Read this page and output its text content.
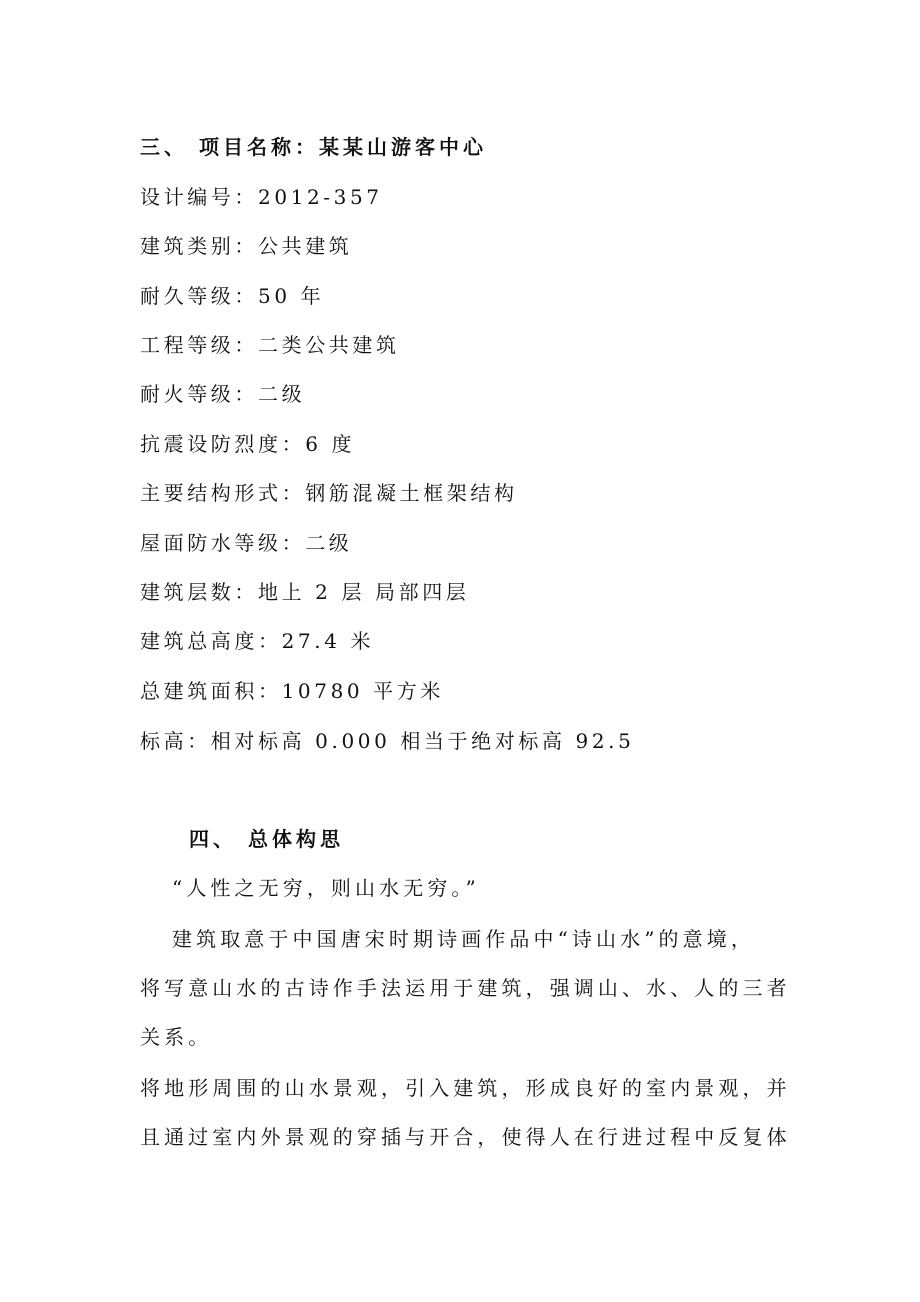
三、 项目名称：某某山游客中心
设计编号：2012-357
建筑类别：公共建筑
耐久等级：50 年
工程等级：二类公共建筑
耐火等级：二级
抗震设防烈度：6 度
主要结构形式：钢筋混凝土框架结构
屋面防水等级：二级
建筑层数：地上 2 层 局部四层
建筑总高度：27.4 米
总建筑面积：10780 平方米
标高：相对标高 0.000 相当于绝对标高 92.5
四、 总体构思
“人性之无穷，则山水无穷。”
建筑取意于中国唐宋时期诗画作品中“诗山水”的意境，
将写意山水的古诗作手法运用于建筑，强调山、水、人的三者
关系。
将地形周围的山水景观，引入建筑，形成良好的室内景观，并
且通过室内外景观的穿插与开合，使得人在行进过程中反复体
